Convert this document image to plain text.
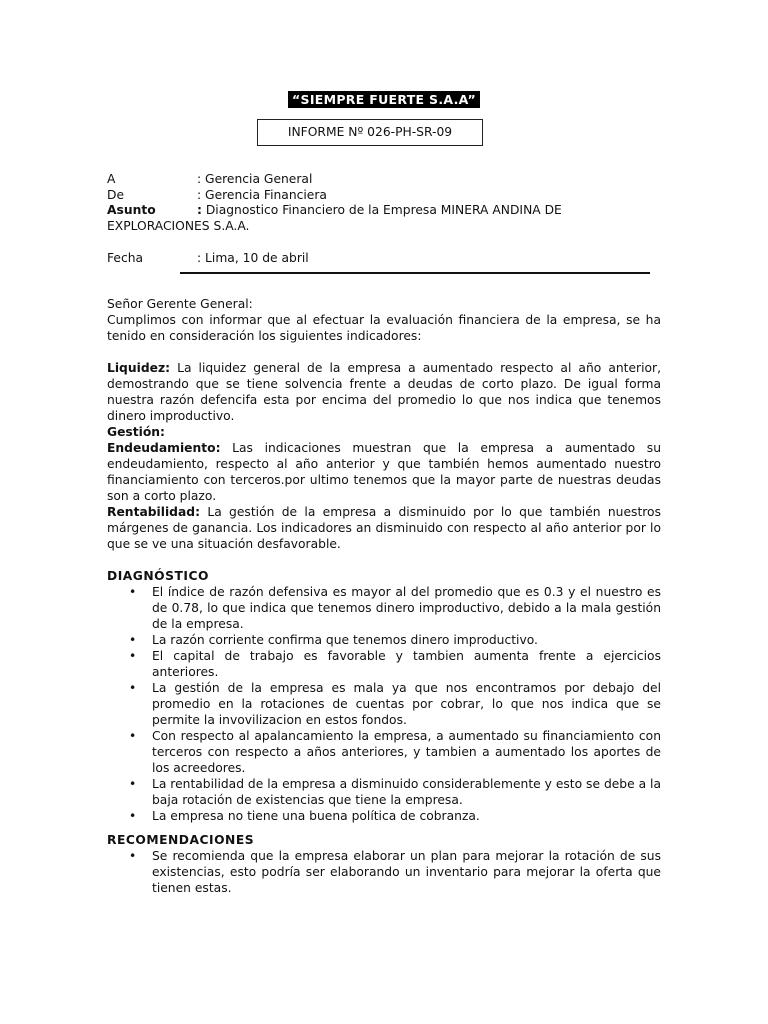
“SIEMPRE FUERTE S.A.A”
INFORME Nº 026-PH-SR-09
A	: Gerencia General
De	: Gerencia Financiera
Asunto	: Diagnostico Financiero de la Empresa MINERA ANDINA DE EXPLORACIONES S.A.A.
Fecha	: Lima, 10 de abril

Señor Gerente General:

Cumplimos con informar que al efectuar la evaluación financiera de la empresa, se ha tenido en consideración los siguientes indicadores:

Liquidez: La liquidez general de la empresa a aumentado respecto al año anterior, demostrando que se tiene solvencia frente a deudas de corto plazo. De igual forma nuestra razón defencifa esta por encima del promedio lo que nos indica que tenemos dinero improductivo.

Gestión:

Endeudamiento: Las indicaciones muestran que la empresa a aumentado su endeudamiento, respecto al año anterior y que también hemos aumentado nuestro financiamiento con terceros.por ultimo tenemos que la mayor parte de nuestras deudas son a corto plazo.

Rentabilidad: La gestión de la empresa a disminuido por lo que también nuestros márgenes de ganancia. Los indicadores an disminuido con respecto al año anterior por lo que se ve una situación desfavorable.

DIAGNÓSTICO

• El índice de razón defensiva es mayor al del promedio que es 0.3 y el nuestro es de 0.78, lo que indica que tenemos dinero improductivo, debido a la mala gestión de la empresa.
• La razón corriente confirma que tenemos dinero improductivo.
• El capital de trabajo es favorable y tambien aumenta frente a ejercicios anteriores.
• La gestión de la empresa es mala ya que nos encontramos por debajo del promedio en la rotaciones de cuentas por cobrar, lo que nos indica que se permite la invovilizacion en estos fondos.
• Con respecto al apalancamiento la empresa, a aumentado su financiamiento con terceros con respecto a años anteriores, y tambien a aumentado los aportes de los acreedores.
• La rentabilidad de la empresa a disminuido considerablemente y esto se debe a la baja rotación de existencias que tiene la empresa.
• La empresa no tiene una buena política de cobranza.

RECOMENDACIONES

• Se recomienda que la empresa elaborar un plan para mejorar la rotación de sus existencias, esto podría ser elaborando un inventario para mejorar la oferta que tienen estas.
